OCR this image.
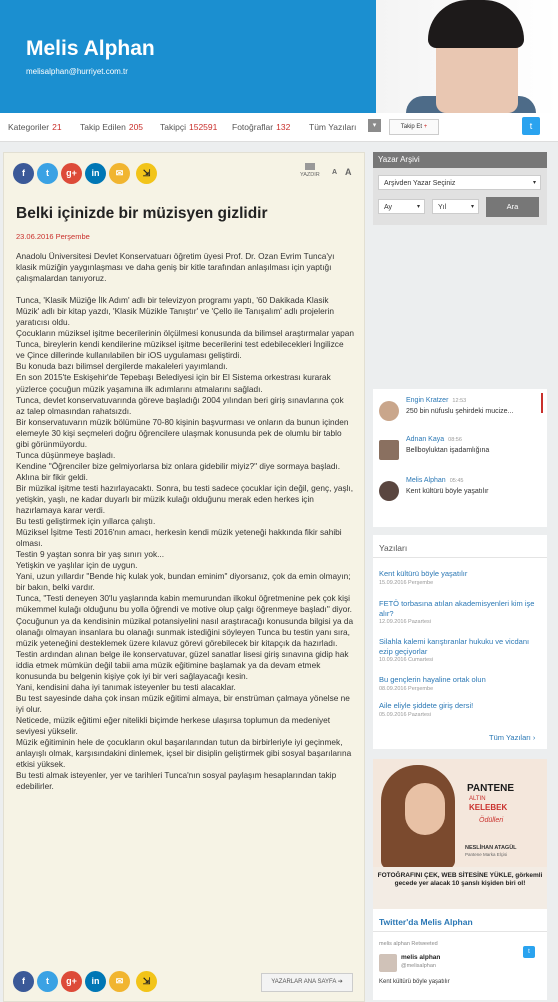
Melis Alphan
melisalphan@hurriyet.com.tr
Kategoriler 21 Takip Edilen 205 Takipçi 152591 Fotoğraflar 132 Tüm Yazıları	▾	Takip Et +	t
f	t	g+	in	✉	⇲	YAZDIR A A
Belki içinizde bir müzisyen gizlidir
23.06.2016 Perşembe

Anadolu Üniversitesi Devlet Konservatuarı öğretim üyesi Prof. Dr. Ozan Evrim Tunca'yı klasik müziğin yaygınlaşması ve daha geniş bir kitle tarafından anlaşılması için yaptığı çalışmalardan tanıyoruz.

Tunca, 'Klasik Müziğe İlk Adım' adlı bir televizyon programı yaptı, '60 Dakikada Klasik Müzik' adlı bir kitap yazdı, 'Klasik Müzikle Tanıştır' ve 'Çello ile Tanışalım' adlı projelerin yaratıcısı oldu.

Çocukların müziksel işitme becerilerinin ölçülmesi konusunda da bilimsel araştırmalar yapan Tunca, bireylerin kendi kendilerine müziksel işitme becerilerini test edebilecekleri İngilizce ve Çince dillerinde kullanılabilen bir iOS uygulaması geliştirdi.

Bu konuda bazı bilimsel dergilerde makaleleri yayımlandı.

En son 2015'te Eskişehir'de Tepebaşı Belediyesi için bir El Sistema orkestrası kurarak yüzlerce çocuğun müzik yaşamına ilk adımlarını atmalarını sağladı.

Tunca, devlet konservatuvarında göreve başladığı 2004 yılından beri giriş sınavlarına çok az talep olmasından rahatsızdı.

Bir konservatuvarın müzik bölümüne 70-80 kişinin başvurması ve onların da bunun içinden elemeyle 30 kişi seçmeleri doğru öğrencilere ulaşmak konusunda pek de olumlu bir tablo gibi görünmüyordu.

Tunca düşünmeye başladı.

Kendine "Öğrenciler bize gelmiyorlarsa biz onlara gidebilir miyiz?" diye sormaya başladı.

Aklına bir fikir geldi.

Bir müzikal işitme testi hazırlayacaktı. Sonra, bu testi sadece çocuklar için değil, genç, yaşlı, yetişkin, yaşlı, ne kadar duyarlı bir müzik kulağı olduğunu merak eden herkes için hazırlamaya karar verdi.

Bu testi geliştirmek için yıllarca çalıştı.

Müziksel İşitme Testi 2016'nın amacı, herkesin kendi müzik yeteneği hakkında fikir sahibi olması.

Testin 9 yaştan sonra bir yaş sınırı yok...

Yetişkin ve yaşlılar için de uygun.

Yani, uzun yıllardır "Bende hiç kulak yok, bundan eminim" diyorsanız, çok da emin olmayın; bir bakın, belki vardır.

Tunca, "Testi deneyen 30'lu yaşlarında kabin memurundan ilkokul öğretmenine pek çok kişi mükemmel kulağı olduğunu bu yolla öğrendi ve motive olup çalgı öğrenmeye başladı" diyor.

Çocuğunun ya da kendisinin müzikal potansiyelini nasıl araştıracağı konusunda bilgisi ya da olanağı olmayan insanlara bu olanağı sunmak istediğini söyleyen Tunca bu testin yanı sıra, müzik yeteneğini desteklemek üzere kılavuz görevi görebilecek bir kitapçık da hazırladı.

Testin ardından alınan belge ile konservatuvar, güzel sanatlar lisesi giriş sınavına gidip hak iddia etmek mümkün değil tabii ama müzik eğitimine başlamak ya da devam etmek konusunda bu belgenin kişiye çok iyi bir veri sağlayacağı kesin.

Yani, kendisini daha iyi tanımak isteyenler bu testi alacaklar.

Bu test sayesinde daha çok insan müzik eğitimi almaya, bir enstrüman çalmaya yönelse ne iyi olur.

Neticede, müzik eğitimi eğer nitelikli biçimde herkese ulaşırsa toplumun da medeniyet seviyesi yükselir.

Müzik eğitiminin hele de çocukların okul başarılarından tutun da birbirleriyle iyi geçinmek, anlayışlı olmak, karşısındakini dinlemek, içsel bir disiplin geliştirmek gibi sosyal başarılarına etkisi yüksek.

Bu testi almak isteyenler, yer ve tarihleri Tunca'nın sosyal paylaşım hesaplarından takip edebilirler.

f	t	g+	in	✉	⇲	YAZARLAR ANA SAYFA ➔
Yazar Arşivi
Arşivden Yazar Seçiniz	▾
Ay	▾	Yıl	▾	Ara
Engin Kratzer 12:53
250 bin nüfuslu şehirdeki mucize...
Adnan Kaya 08:56
Bellboyluktan işadamlığına
Melis Alphan 05:45
Kent kültürü böyle yaşatılır
Yazıları
Kent kültürü böyle yaşatılır
15.09.2016 Perşembe
FETÖ torbasına atılan akademisyenleri kim işe alır?
12.09.2016 Pazartesi
Silahla kalemi karıştıranlar hukuku ve vicdanı ezip geçiyorlar
10.09.2016 Cumartesi
Bu gençlerin hayaline ortak olun
08.09.2016 Perşembe
Aile eliyle şiddete giriş dersi!
05.09.2016 Pazartesi
Tüm Yazıları ›
PANTENE
ALTIN
KELEBEK
Ödülleri
NESLİHAN ATAGÜL
Pantene Marka Elçisi
FOTOĞRAFINI ÇEK, WEB SİTESİNE YÜKLE, görkemli gecede yer alacak 10 şanslı kişiden biri ol!
Twitter'da Melis Alphan
melis alphan Retweeted
t
melis alphan
@melisalphan
Kent kültürü böyle yaşatılır
